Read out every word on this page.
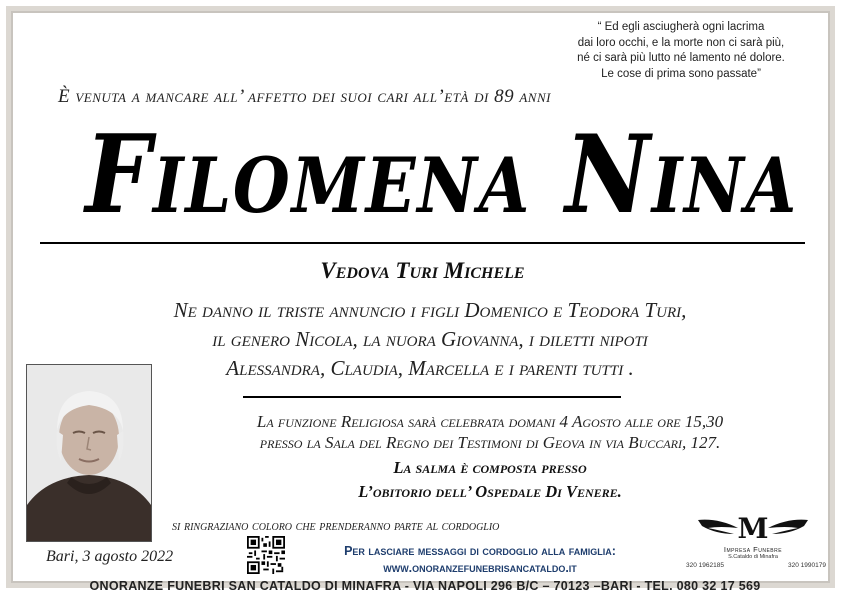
“ Ed egli asciugherà ogni lacrima
dai loro occhi, e la morte non ci sarà più,
né ci sarà più lutto né lamento né dolore.
Le cose di prima sono passate”
È venuta a mancare all’ affetto dei suoi cari all’età di 89 anni
Filomena Nina
Vedova Turi Michele
Ne danno il triste annuncio i figli Domenico e Teodora Turi,
il genero Nicola, la nuora Giovanna, i diletti nipoti
Alessandra, Claudia, Marcella e i parenti tutti .
La funzione Religiosa sarà celebrata domani 4 Agosto alle ore 15,30
presso la Sala del Regno dei Testimoni di Geova in via Buccari, 127.
La salma è composta presso
L’obitorio dell’ Ospedale Di Venere.
si ringraziano coloro che prenderanno parte al cordoglio
Bari, 3 agosto 2022	Per lasciare messaggi di cordoglio alla famiglia:
www.onoranzefunebrisancataldo.it
M
Impresa Funebre
S.Cataldo di Minafra
320 1962185	320 1990179
ONORANZE FUNEBRI SAN CATALDO DI MINAFRA - VIA NAPOLI 296 B/C – 70123 –BARI - TEL. 080 32 17 569
